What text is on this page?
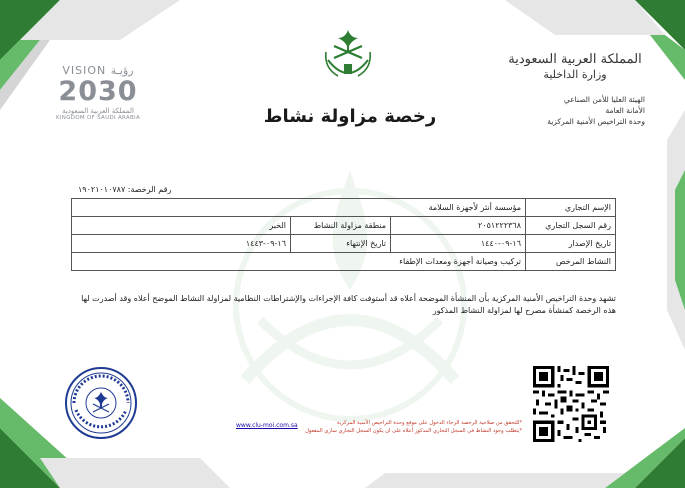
VISION رؤيـة
2030
المملكة العربية السعودية
KINGDOM OF SAUDI ARABIA	رخصة مزاولة نشاط
المملكة العربية السعودية
وزارة الداخلية
الهيئة العليا للأمن الصناعي
الأمانة العامة
وحدة التراخيص الأمنية المركزية
رقم الرخصة: ١٩٠٢١٠١٠٧٨٧
الإسم التجاري	مؤسسة أنثر لأجهزة السلامة		
رقم السجل التجاري	٢٠٥١٢٢٢٣٦٨	منطقة مزاولة النشاط	الخبر
تاريخ الإصدار	١٦-٠٩-١٤٤٠	تاريخ الإنتهاء	١٦-٠٩-١٤٤٣
النشاط المرخص	تركيب وصيانة أجهزة ومعدات الإطفاء		
تشهد وحدة التراخيص الأمنية المركزية بأن المنشأة الموضحة أعلاه قد أستوفت كافة الإجراءات والإشتراطات النظامية لمزاولة النشاط الموضح أعلاه وقد أصدرت لها هذه الرخصة كمنشأة مصرح لها لمزاولة النشاط المذكور
www.clu-moi.com.sa	*للتحقق من صلاحية الرخصة الرجاء الدخول على موقع وحدة التراخيص الأمنية المركزية
*يتطلب وجود النشاط في السجل التجاري المذكور أعلاه على ان يكون السجل التجاري ساري المفعول
